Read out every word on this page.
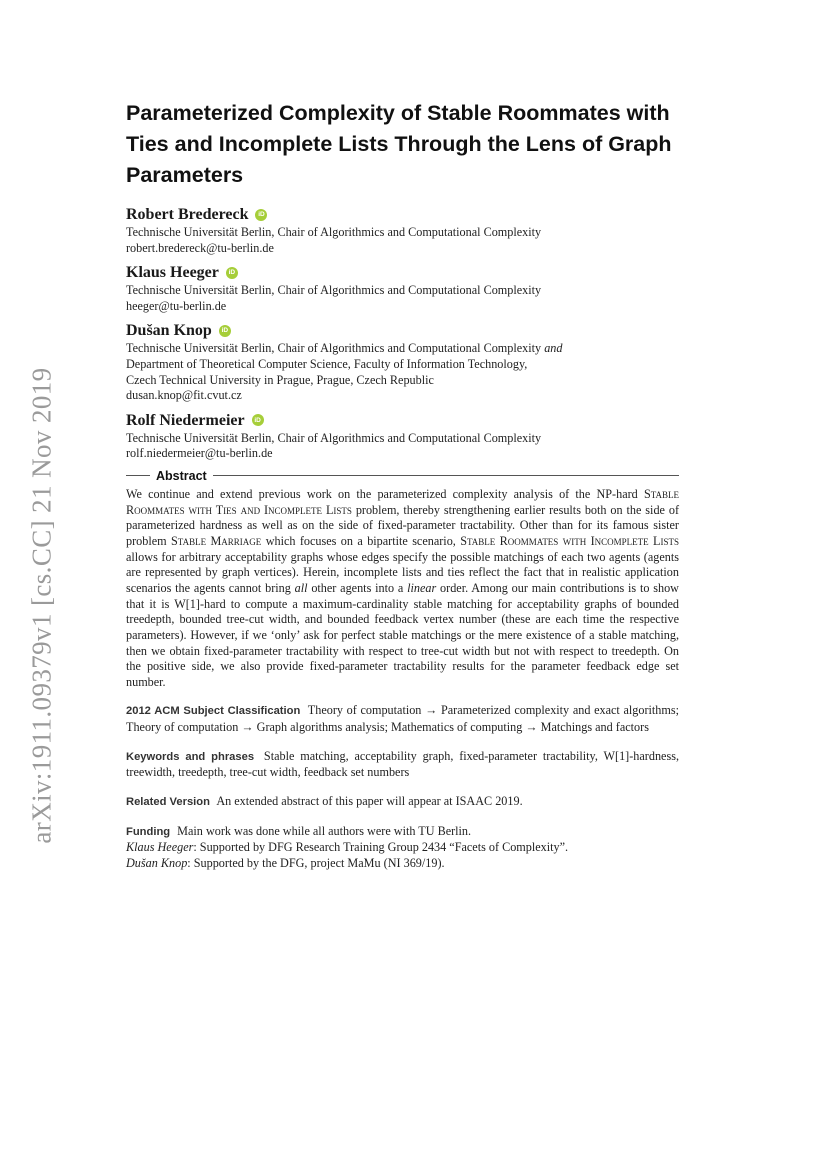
arXiv:1911.09379v1 [cs.CC] 21 Nov 2019
Parameterized Complexity of Stable Roommates with Ties and Incomplete Lists Through the Lens of Graph Parameters
Robert Bredereck	iD
Technische Universität Berlin, Chair of Algorithmics and Computational Complexity
robert.bredereck@tu-berlin.de
Klaus Heeger	iD
Technische Universität Berlin, Chair of Algorithmics and Computational Complexity
heeger@tu-berlin.de
Dušan Knop	iD
Technische Universität Berlin, Chair of Algorithmics and Computational Complexity and
Department of Theoretical Computer Science, Faculty of Information Technology,
Czech Technical University in Prague, Prague, Czech Republic
dusan.knop@fit.cvut.cz
Rolf Niedermeier	iD
Technische Universität Berlin, Chair of Algorithmics and Computational Complexity
rolf.niedermeier@tu-berlin.de
Abstract

We continue and extend previous work on the parameterized complexity analysis of the NP-hard Stable Roommates with Ties and Incomplete Lists problem, thereby strengthening earlier results both on the side of parameterized hardness as well as on the side of fixed-parameter tractability. Other than for its famous sister problem Stable Marriage which focuses on a bipartite scenario, Stable Roommates with Incomplete Lists allows for arbitrary acceptability graphs whose edges specify the possible matchings of each two agents (agents are represented by graph vertices). Herein, incomplete lists and ties reflect the fact that in realistic application scenarios the agents cannot bring all other agents into a linear order. Among our main contributions is to show that it is W[1]-hard to compute a maximum-cardinality stable matching for acceptability graphs of bounded treedepth, bounded tree-cut width, and bounded feedback vertex number (these are each time the respective parameters). However, if we ‘only’ ask for perfect stable matchings or the mere existence of a stable matching, then we obtain fixed-parameter tractability with respect to tree-cut width but not with respect to treedepth. On the positive side, we also provide fixed-parameter tractability results for the parameter feedback edge set number.

2012 ACM Subject Classification Theory of computation → Parameterized complexity and exact algorithms; Theory of computation → Graph algorithms analysis; Mathematics of computing → Matchings and factors
Keywords and phrases Stable matching, acceptability graph, fixed-parameter tractability, W[1]-hardness, treewidth, treedepth, tree-cut width, feedback set numbers
Related Version An extended abstract of this paper will appear at ISAAC 2019.
Funding Main work was done while all authors were with TU Berlin.
Klaus Heeger: Supported by DFG Research Training Group 2434 “Facets of Complexity”.
Dušan Knop: Supported by the DFG, project MaMu (NI 369/19).
